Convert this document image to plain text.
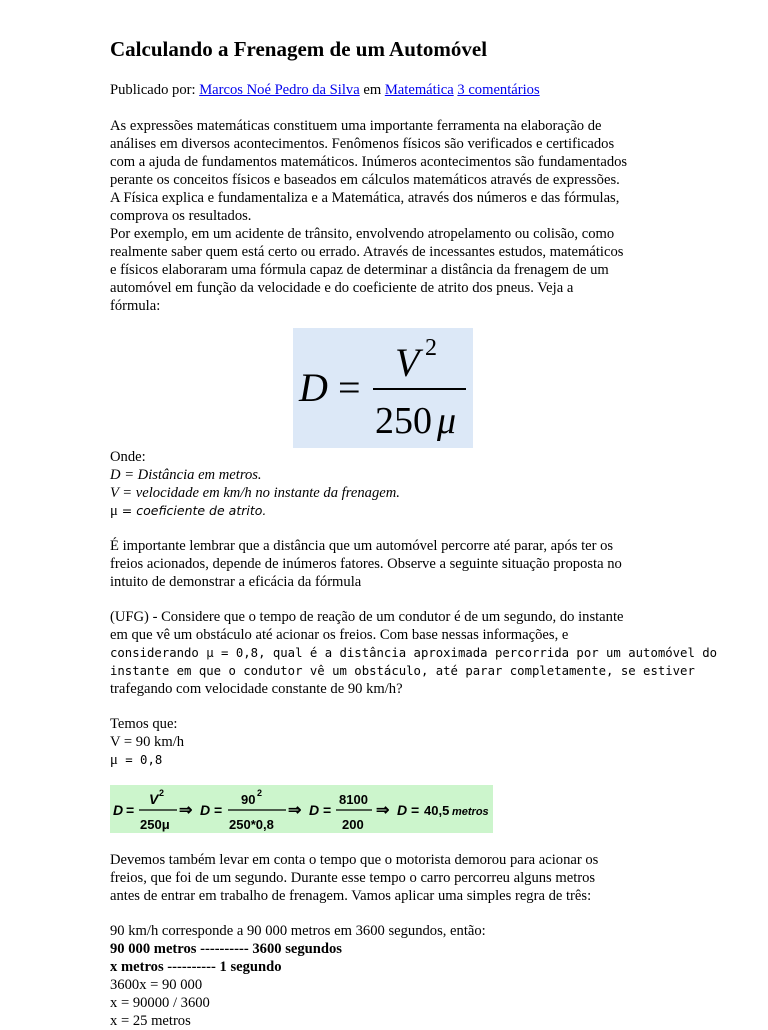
Calculando a Frenagem de um Automóvel
Publicado por: Marcos Noé Pedro da Silva em Matemática 3 comentários
As expressões matemáticas constituem uma importante ferramenta na elaboração de
análises em diversos acontecimentos. Fenômenos físicos são verificados e certificados
com a ajuda de fundamentos matemáticos. Inúmeros acontecimentos são fundamentados
perante os conceitos físicos e baseados em cálculos matemáticos através de expressões.
A Física explica e fundamentaliza e a Matemática, através dos números e das fórmulas,
comprova os resultados.
Por exemplo, em um acidente de trânsito, envolvendo atropelamento ou colisão, como
realmente saber quem está certo ou errado. Através de incessantes estudos, matemáticos
e físicos elaboraram uma fórmula capaz de determinar a distância da frenagem de um
automóvel em função da velocidade e do coeficiente de atrito dos pneus. Veja a
fórmula:
D =
V 2
250 μ
Onde:
D = Distância em metros.
V = velocidade em km/h no instante da frenagem.
μ = coeficiente de atrito.
É importante lembrar que a distância que um automóvel percorre até parar, após ter os
freios acionados, depende de inúmeros fatores. Observe a seguinte situação proposta no
intuito de demonstrar a eficácia da fórmula
(UFG) - Considere que o tempo de reação de um condutor é de um segundo, do instante
em que vê um obstáculo até acionar os freios. Com base nessas informações, e
considerando μ = 0,8, qual é a distância aproximada percorrida por um automóvel do
instante em que o condutor vê um obstáculo, até parar completamente, se estiver
trafegando com velocidade constante de 90 km/h?
Temos que:
V = 90 km/h
μ = 0,8
D =
V 2
250μ
⇒ D =
90 2
250*0,8
⇒ D =
8100
200
⇒ D = 40,5 metros
Devemos também levar em conta o tempo que o motorista demorou para acionar os
freios, que foi de um segundo. Durante esse tempo o carro percorreu alguns metros
antes de entrar em trabalho de frenagem. Vamos aplicar uma simples regra de três:
90 km/h corresponde a 90 000 metros em 3600 segundos, então:
90 000 metros ---------- 3600 segundos
x metros ---------- 1 segundo
3600x = 90 000
x = 90000 / 3600
x = 25 metros
